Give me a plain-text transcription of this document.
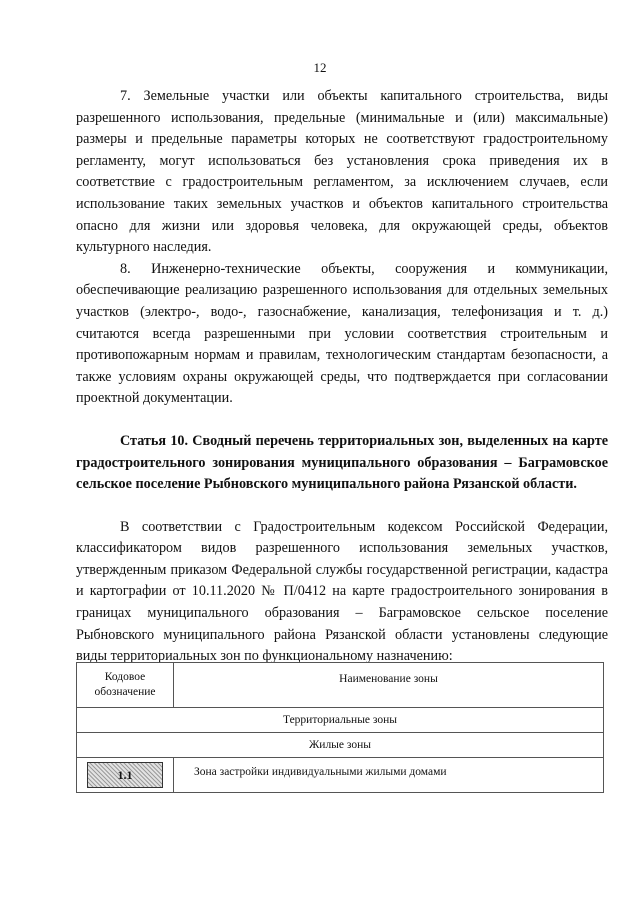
12

7. Земельные участки или объекты капитального строительства, виды разрешенного использования, предельные (минимальные и (или) максимальные) размеры и предельные параметры которых не соответствуют градостроительному регламенту, могут использоваться без установления срока приведения их в соответствие с градостроительным регламентом, за исключением случаев, если использование таких земельных участков и объектов капитального строительства опасно для жизни или здоровья человека, для окружающей среды, объектов культурного наследия.

8. Инженерно-технические объекты, сооружения и коммуникации, обеспечивающие реализацию разрешенного использования для отдельных земельных участков (электро-, водо-, газоснабжение, канализация, телефонизация и т. д.) считаются всегда разрешенными при условии соответствия строительным и противопожарным нормам и правилам, технологическим стандартам безопасности, а также условиям охраны окружающей среды, что подтверждается при согласовании проектной документации.

Статья 10. Сводный перечень территориальных зон, выделенных на карте градостроительного зонирования муниципального образования – Баграмовское сельское поселение Рыбновского муниципального района Рязанской области.

В соответствии с Градостроительным кодексом Российской Федерации, классификатором видов разрешенного использования земельных участков, утвержденным приказом Федеральной службы государственной регистрации, кадастра и картографии от 10.11.2020 № П/0412 на карте градостроительного зонирования в границах муниципального образования – Баграмовское сельское поселение Рыбновского муниципального района Рязанской области установлены следующие виды территориальных зон по функциональному назначению:

Кодовое обозначение	Наименование зоны
Территориальные зоны	
Жилые зоны	
1.1	Зона застройки индивидуальными жилыми домами
